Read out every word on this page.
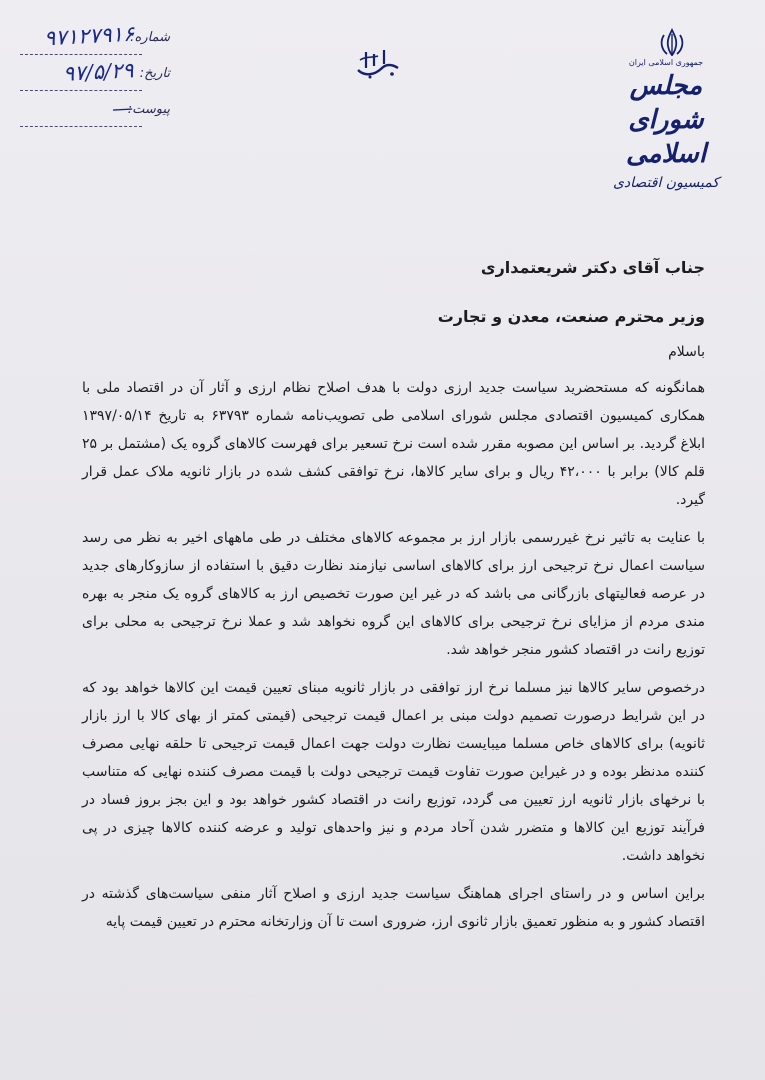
شماره:
۹۷۱۲۷۹۱۶
تاریخ:
۹۷/۵/۲۹
پیوست:
—
جمهوری اسلامی ایران
مجلس شورای اسلامی
کمیسیون اقتصادی

جناب آقای دکتر شریعتمداری

وزیر محترم صنعت، معدن و تجارت

باسلام

همانگونه که مستحضرید سیاست جدید ارزی دولت با هدف اصلاح نظام ارزی و آثار آن در اقتصاد ملی با همکاری کمیسیون اقتصادی مجلس شورای اسلامی طی تصویب‌نامه شماره ۶۳۷۹۳ به تاریخ ۱۳۹۷/۰۵/۱۴ ابلاغ گردید. بر اساس این مصوبه مقرر شده است نرخ تسعیر برای فهرست کالاهای گروه یک (مشتمل بر ۲۵ قلم کالا) برابر با ۴۲،۰۰۰ ریال و برای سایر کالاها، نرخ توافقی کشف شده در بازار ثانویه ملاک عمل قرار گیرد.

با عنایت به تاثیر نرخ غیررسمی بازار ارز بر مجموعه کالاهای مختلف در طی ماههای اخیر به نظر می رسد سیاست اعمال نرخ ترجیحی ارز برای کالاهای اساسی نیازمند نظارت دقیق با استفاده از سازوکارهای جدید در عرصه فعالیتهای بازرگانی می باشد که در غیر این صورت تخصیص ارز به کالاهای گروه یک منجر به بهره مندی مردم از مزایای نرخ ترجیحی برای کالاهای این گروه نخواهد شد و عملا نرخ ترجیحی به محلی برای توزیع رانت در اقتصاد کشور منجر خواهد شد.

درخصوص سایر کالاها نیز مسلما نرخ ارز توافقی در بازار ثانویه مبنای تعیین قیمت این کالاها خواهد بود که در این شرایط درصورت تصمیم دولت مبنی بر اعمال قیمت ترجیحی (قیمتی کمتر از بهای کالا با ارز بازار ثانویه) برای کالاهای خاص مسلما میبایست نظارت دولت جهت اعمال قیمت ترجیحی تا حلقه نهایی مصرف کننده مدنظر بوده و در غیراین صورت تفاوت قیمت ترجیحی دولت با قیمت مصرف کننده نهایی که متناسب با نرخهای بازار ثانویه ارز تعیین می گردد، توزیع رانت در اقتصاد کشور خواهد بود و این بجز بروز فساد در فرآیند توزیع این کالاها و متضرر شدن آحاد مردم و نیز واحدهای تولید و عرضه کننده کالاها چیزی در پی نخواهد داشت.

براین اساس و در راستای اجرای هماهنگ سیاست جدید ارزی و اصلاح آثار منفی سیاست‌های گذشته در اقتصاد کشور و به منظور تعمیق بازار ثانوی ارز، ضروری است تا آن وزارتخانه محترم در تعیین قیمت پایه
